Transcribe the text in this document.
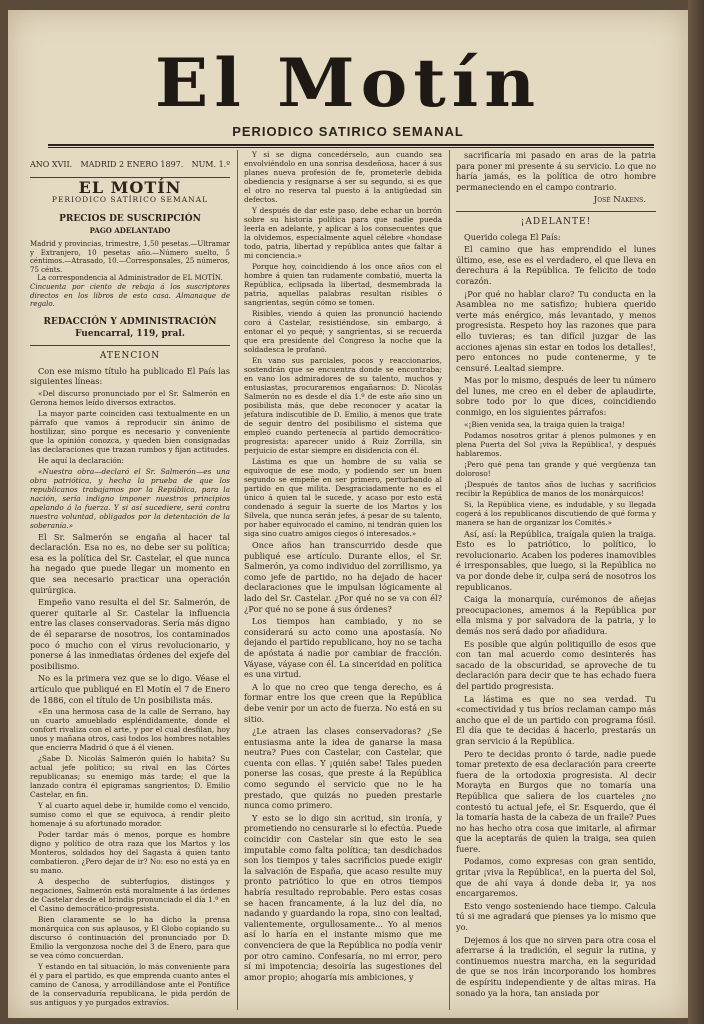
El Motín
PERIODICO SATIRICO SEMANAL
AÑO XVII. MADRID 2 ENERO 1897. NÚM. 1.º
EL MOTÍN
PERIODICO SATÍRICO SEMANAL
PRECIOS DE SUSCRIPCIÓN
PAGO ADELANTADO
Madrid y provincias, trimestre, 1,50 pesetas.—Ultramar y Extranjero, 10 pesetas año.—Número suelto, 5 céntimos.—Atrasado, 10.—Corresponsales, 25 números, 75 cénts.
La correspondencia al Administrador de EL MOTÍN.
Cincuenta por ciento de rebaja á los suscriptores directos en los libros de esta casa. Almanaque de regalo.
REDACCIÓN Y ADMINISTRACIÓN
Fuencarral, 119, pral.
ATENCION

Con ese mismo título ha publicado El País las siguientes líneas:

«Del discurso pronunciado por el Sr. Salmerón en Gerona hemos leído diversos extractos.

La mayor parte coinciden casi textualmente en un párrafo que vamos á reproducir sin ánimo de hostilizar, sino porque es necesario y conveniente que la opinión conozca, y queden bien consignadas las declaraciones que trazan rumbos y fijan actitudes.

He aquí la declaración:

«Nuestra obra—declaró el Sr. Salmerón—es una obra patriótica, y hecha la prueba de que los republicanos trabajamos por la República, para la nación, sería indigno imponer nuestros principios apelando á la fuerza. Y si así sucediere, será contra nuestra voluntad, obligados por la detentación de la soberanía.»

El Sr. Salmerón se engaña al hacer tal declaración. Esa no es, no debe ser su política; esa es la política del Sr. Castelar, el que nunca ha negado que puede llegar un momento en que sea necesario practicar una operación quirúrgica.

Empeño vano resulta el del Sr. Salmerón, de querer quitarle al Sr. Castelar la influencia entre las clases conservadoras. Sería más digno de él separarse de nosotros, los contaminados poco ó mucho con el virus revolucionario, y ponerse á las inmediatas órdenes del exjefe del posibilismo.

No es la primera vez que se lo digo. Véase el artículo que publiqué en El Motín el 7 de Enero de 1886, con el título de Un posibilista más.

«En una hermosa casa de la calle de Serrano, hay un cuarto amueblado espléndidamente, donde el confort rivaliza con el arte, y por el cual desfilan, hoy unos y mañana otros, casi todos los hombres notables que encierra Madrid ó que á él vienen.

¿Sabe D. Nicolás Salmerón quién lo habita? Su actual jefe político; su rival en las Córtes republicanas; su enemigo más tarde; el que la lanzado contra él epigramas sangrientos; D. Emilio Castelar, en fin.

Y al cuarto aquel debe ir, humilde como el vencido, sumiso como el que se equivoca, á rendir pleito homenaje á su afortunado morador.

Poder tardar más ó menos, porque es hombre digno y político de otra raza que los Martos y los Monteros, soldados hoy del Sagasta á quien tanto combatieron. ¿Pero dejar de ir? No: eso no está ya en su mano.

A despecho de subterfugios, distingos y negaciones, Salmerón está moralmente á las órdenes de Castelar desde el brindis pronunciado el día 1.º en el Casino democrático-progresista.

Bien claramente se lo ha dicho la prensa monárquica con sus aplausos, y El Globo copiando su discurso ó continuación del pronunciado por D. Emilio la vergonzosa noche del 3 de Enero, para que se vea cómo concuerdan.

Y estando en tal situación, lo más conveniente para él y para el partido, es que emprenda cuanto antes el camino de Canosa, y arrodillándose ante el Pontífice de la conservaduría republicana, le pida perdón de sus antiguos y yo purgados extravíos.

Y si se digna concedérselo, aun cuando sea envolviéndolo en una sonrisa desdeñosa, hacer á sus planes nueva profesión de fe, prometerle debida obediencia y resignarse á ser su segundo, si es que el otro no reserva tal puesto á la antigüedad sin defectos.

Y después de dar este paso, debe echar un borrón sobre su historia política para que nadie pueda leerla en adelante, y aplicar á los consecuentes que la olvidemos, especialmente aquel célebre «hondase todo, patria, libertad y república antes que faltar á mi conciencia.»

Porque hoy, coincidiendo á los once años con el hombre á quien tan rudamente combatió, muerta la República, eclipsada la libertad, desmembrada la patria, aquellas palabras resultan risibles ó sangrientas, según cómo se tomen.

Risibles, viendo á quien las pronunció haciendo coro á Castelar, resistiéndose, sin embargo, á entonar el yo pequé; y sangrientas, si se recuerda que era presidente del Congreso la noche que la soldadesca le profanó.

En vano sus parciales, pocos y reaccionarios, sostendrán que se encuentra donde se encontraba; en vano los admiradores de su talento, muchos y entusiastas, procuraremos engañarnos: D. Nicolás Salmerón no es desde el día 1.º de este año sino un posibilista más, que debe reconocer y acatar la jefatura indiscutible de D. Emilio, á menos que trate de seguir dentro del posibilismo el sistema que empleó cuando pertenecía al partido democrático-progresista: aparecer unido á Ruiz Zorrilla, sin perjuicio de estar siempre en disidencia con él.

Lástima es que un hombre de su valía se equivoque de ese modo, y podiendo ser un buen segundo se empeñe en ser primero, perturbando al partido en que milita. Desgraciadamente no es el único á quien tal le sucede, y acaso por esto está condenado á seguir la suerte de los Martos y los Silvela, que nunca serán jefes, á pesar de su talento, por haber equivocado el camino, ni tendrán quien los siga sino cuatro amigos ciegos ó interesados.»

Once años han transcurrido desde que publiqué ese artículo. Durante ellos, el Sr. Salmerón, ya como individuo del zorrillismo, ya como jefe de partido, no ha dejado de hacer declaraciones que le impulsan lógicamente al lado del Sr. Castelar. ¿Por qué no se va con él? ¿Por qué no se pone á sus órdenes?

Los tiempos han cambiado, y no se considerará su acto como una apostasía. No dejando el partido republicano, hoy no se tacha de apóstata á nadie por cambiar de fracción. Váyase, váyase con él. La sinceridad en política es una virtud.

A lo que no creo que tenga derecho, es á formar entre los que creen que la República debe venir por un acto de fuerza. No está en su sitio.

¿Le atraen las clases conservadoras? ¿Se entusiasma ante la idea de ganarse la masa neutra? Pues con Castelar, con Castelar, que cuenta con ellas. Y ¡quién sabe! Tales pueden ponerse las cosas, que preste á la República como segundo el servicio que no le ha prestado, que quizás no pueden prestarle nunca como primero.

Y esto se lo digo sin acritud, sin ironía, y prometiendo no censurarle si lo efectúa. Puede coincidir con Castelar sin que esto le sea imputable como falta política; tan desdichados son los tiempos y tales sacrificios puede exigir la salvación de España, que acaso resulte muy pronto patriótico lo que en otros tiempos habría resultado reprobable. Pero estas cosas se hacen francamente, á la luz del día, no nadando y guardando la ropa, sino con lealtad, valientemente, orgullosamente... Yo al menos así lo haría en el instante mismo que me convenciera de que la República no podía venir por otro camino. Confesaría, no mi error, pero sí mi impotencia; desoiría las sugestiones del amor propio; ahogaría mis ambiciones, y

sacrificaría mi pasado en aras de la patria para poner mi presente á su servicio. Lo que no haría jamás, es la política de otro hombre permaneciendo en el campo contrario.

José Nakens.
¡ADELANTE!

Querido colega El País:

El camino que has emprendido el lunes último, ese, ese es el verdadero, el que lleva en derechura á la República. Te felicito de todo corazón.

¡Por qué no hablar claro? Tu conducta en la Asamblea no me satisfizo; hubiera querido verte más enérgico, más levantado, y menos progresista. Respeto hoy las razones que para ello tuvieras; es tan difícil juzgar de las acciones ajenas sin estar en todos los detalles!, pero entonces no pude contenerme, y te censuré. Lealtad siempre.

Mas por lo mismo, después de leer tu número del lunes, me creo en el deber de aplaudirte, sobre todo por lo que dices, coincidiendo conmigo, en los siguientes párrafos:

«¡Bien venida sea, la traiga quien la traiga!

Podamos nosotros gritar á plenos pulmones y en plena Puerta del Sol ¡viva la República!, y después hablaremos.

¡Pero qué pena tan grande y qué vergüenza tan doloroso!

¡Después de tantos años de luchas y sacrificios recibir la República de manos de los monárquicos!

Si, la República viene, es indudable, y su llegada cogerá á los republicanos discutiendo de qué forma y manera se han de organizar los Comités.»

Así, así: la República, traígala quien la traiga. Esto es lo patriótico, lo político, lo revolucionario. Acaben los poderes inamovibles é irresponsables, que luego, si la República no va por donde debe ir, culpa será de nosotros los republicanos.

Caiga la monarquía, curémonos de añejas preocupaciones, amemos á la República por ella misma y por salvadora de la patria, y lo demás nos será dado por añadidura.

Es posible que algún politiquillo de esos que con tan mal acuerdo como desinterés has sacado de la obscuridad, se aproveche de tu declaración para decir que te has echado fuera del partido progresista.

La lástima es que no sea verdad. Tu «comectividad y tus bríos reclaman campo más ancho que el de un partido con programa fósil. El día que te decidas á hacerlo, prestarás un gran servicio á la República.

Pero te decidas pronto ó tarde, nadie puede tomar pretexto de esa declaración para creerte fuera de la ortodoxia progresista. Al decir Morayta en Burgos que no tomaría una República que saliera de los cuarteles ¿no contestó tu actual jefe, el Sr. Esquerdo, que él la tomaría hasta de la cabeza de un fraile? Pues no has hecho otra cosa que imitarle, al afirmar que la aceptarás de quien la traiga, sea quien fuere.

Podamos, como expresas con gran sentido, gritar ¡viva la República!, en la puerta del Sol, que de ahí vaya á donde deba ir, ya nos encargaremos.

Esto vengo sosteniendo hace tiempo. Calcula tú si me agradará que pienses ya lo mismo que yo.

Dejemos á los que no sirven para otra cosa el aferrarse á la tradición, el seguir la rutina, y continuemos nuestra marcha, en la seguridad de que se nos irán incorporando los hombres de espíritu independiente y de altas miras. Ha sonado ya la hora, tan ansiada por
